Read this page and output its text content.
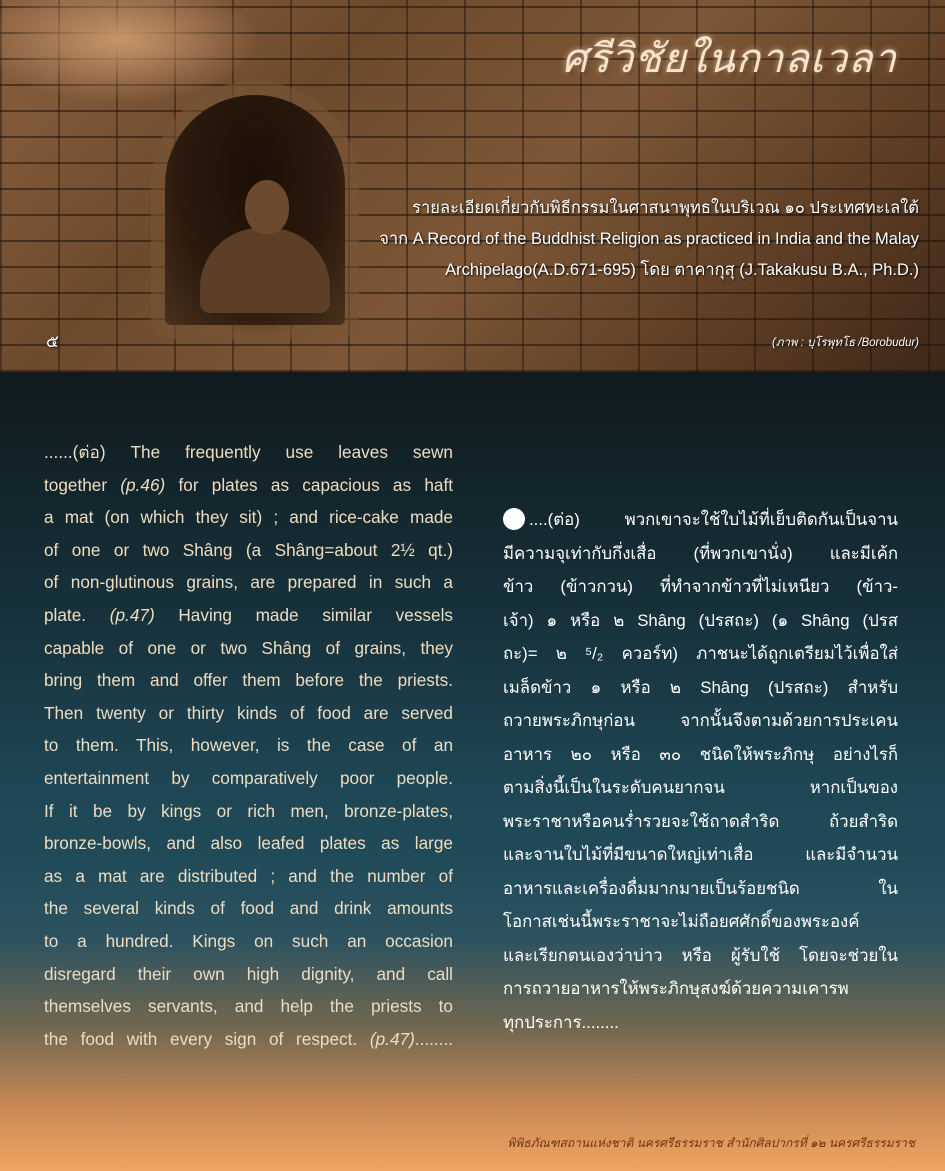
ศรีวิชัยในกาลเวลา
รายละเอียดเกี่ยวกับพิธีกรรมในศาสนาพุทธในบริเวณ ๑๐ ประเทศทะเลใต้
จาก A Record of the Buddhist Religion as practiced in India and the Malay
Archipelago(A.D.671-695) โดย ตาคากุสุ (J.Takakusu B.A., Ph.D.)
๕	(ภาพ : บุโรพุทโธ /Borobudur)
......(ต่อ) The frequently use leaves sewn
together (p.46) for plates as capacious as haft
a mat (on which they sit) ; and rice-cake made
of one or two Shâng (a Shâng=about 2½ qt.)
of non-glutinous grains, are prepared in such a
plate. (p.47) Having made similar vessels
capable of one or two Shâng of grains, they
bring them and offer them before the priests.
Then twenty or thirty kinds of food are served
to them. This, however, is the case of an
entertainment by comparatively poor people.
If it be by kings or rich men, bronze-plates,
bronze-bowls, and also leafed plates as large
as a mat are distributed ; and the number of
the several kinds of food and drink amounts
to a hundred. Kings on such an occasion
disregard their own high dignity, and call
themselves servants, and help the priests to
the food with every sign of respect. (p.47)........
....(ต่อ) พวกเขาจะใช้ใบไม้ที่เย็บติดกันเป็นจาน
มีความจุเท่ากับกึ่งเสื่อ (ที่พวกเขานั่ง) และมีเค้ก
ข้าว (ข้าวกวน) ที่ทำจากข้าวที่ไม่เหนียว (ข้าว-
เจ้า) ๑ หรือ ๒ Shâng (ปรสถะ) (๑ Shâng (ปรส
ถะ)= ๒ ⁵/₂ ควอร์ท) ภาชนะได้ถูกเตรียมไว้เพื่อใส่
เมล็ดข้าว ๑ หรือ ๒ Shâng (ปรสถะ) สำหรับ
ถวายพระภิกษุก่อน จากนั้นจึงตามด้วยการประเคน
อาหาร ๒๐ หรือ ๓๐ ชนิดให้พระภิกษุ อย่างไรก็
ตามสิ่งนี้เป็นในระดับคนยากจน หากเป็นของ
พระราชาหรือคนร่ำรวยจะใช้ถาดสำริด ถ้วยสำริด
และจานใบไม้ที่มีขนาดใหญ่เท่าเสื่อ และมีจำนวน
อาหารและเครื่องดื่มมากมายเป็นร้อยชนิด ใน
โอกาสเช่นนี้พระราชาจะไม่ถือยศศักดิ์ของพระองค์
และเรียกตนเองว่าบ่าว หรือ ผู้รับใช้ โดยจะช่วยใน
การถวายอาหารให้พระภิกษุสงฆ์ด้วยความเคารพ
ทุกประการ........
พิพิธภัณฑสถานแห่งชาติ นครศรีธรรมราช สำนักศิลปากรที่ ๑๒ นครศรีธรรมราช
